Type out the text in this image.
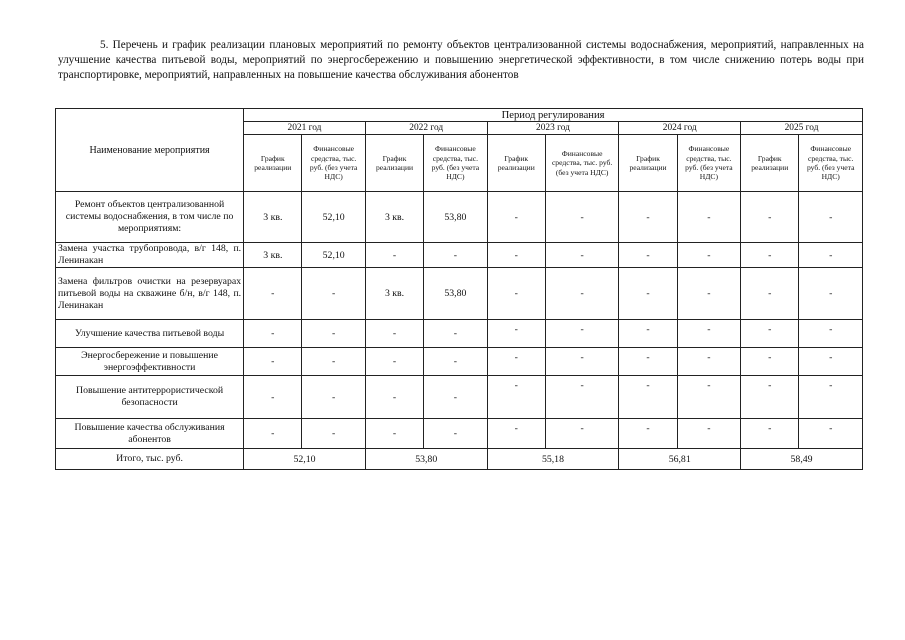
5. Перечень и график реализации плановых мероприятий по ремонту объектов централизованной системы водоснабжения, мероприятий, направленных на улучшение качества питьевой воды, мероприятий по энергосбережению и повышению энергетической эффективности, в том числе снижению потерь воды при транспортировке, мероприятий, направленных на повышение качества обслуживания абонентов

Наименование мероприятия	Период регулирования									
	2021 год		2022 год		2023 год		2024 год		2025 год	
	График реализации	Финансовые средства, тыс. руб. (без учета НДС)	График реализации	Финансовые средства, тыс. руб. (без учета НДС)	График реализации	Финансовые средства, тыс. руб. (без учета НДС)	График реализации	Финансовые средства, тыс. руб. (без учета НДС)	График реализации	Финансовые средства, тыс. руб. (без учета НДС)
Ремонт объектов централизованной системы водоснабжения, в том числе по мероприятиям:	3 кв.	52,10	3 кв.	53,80	-	-	-	-	-	-
Замена участка трубопровода, в/г 148, п. Ленинакан	3 кв.	52,10	-	-	-	-	-	-	-	-
Замена фильтров очистки на резервуарах питьевой воды на скважине б/н, в/г 148, п. Ленинакан	-	-	3 кв.	53,80	-	-	-	-	-	-
Улучшение качества питьевой воды	-	-	-	-	-	-	-	-	-	-
Энергосбережение и повышение энергоэффективности	-	-	-	-	-	-	-	-	-	-
Повышение антитеррористической безопасности	-	-	-	-	-	-	-	-	-	-
Повышение качества обслуживания абонентов	-	-	-	-	-	-	-	-	-	-
Итого, тыс. руб.	52,10		53,80		55,18		56,81		58,49	
